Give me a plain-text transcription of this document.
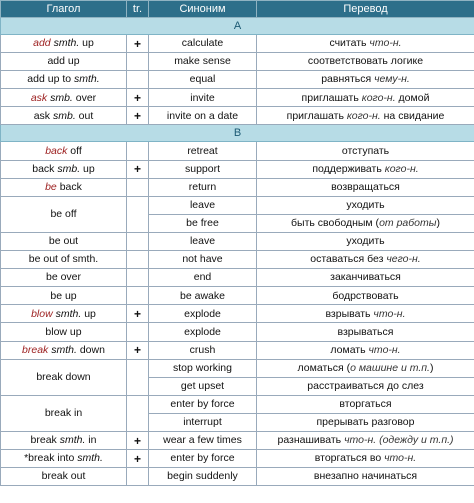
Глагол	tr.	Синоним	Перевод
A			
add smth. up	+	calculate	считать что-н.
add up		make sense	соответствовать логике
add up to smth.		equal	равняться чему-н.
ask smb. over	+	invite	приглашать кого-н. домой
ask smb. out	+	invite on a date	приглашать кого-н. на свидание
B			
back off		retreat	отступать
back smb. up	+	support	поддерживать кого-н.
be back		return	возвращаться
be off		leave	уходить
		be free	быть свободным (от работы)
be out		leave	уходить
be out of smth.		not have	оставаться без чего-н.
be over		end	заканчиваться
be up		be awake	бодрствовать
blow smth. up	+	explode	взрывать что-н.
blow up		explode	взрываться
break smth. down	+	crush	ломать что-н.
break down		stop working	ломаться (о машине и т.п.)
		get upset	расстраиваться до слез
break in		enter by force	вторгаться
		interrupt	прерывать разговор
break smth. in	+	wear a few times	разнашивать что-н. (одежду и т.п.)
*break into smth.	+	enter by force	вторгаться во что-н.
break out		begin suddenly	внезапно начинаться
